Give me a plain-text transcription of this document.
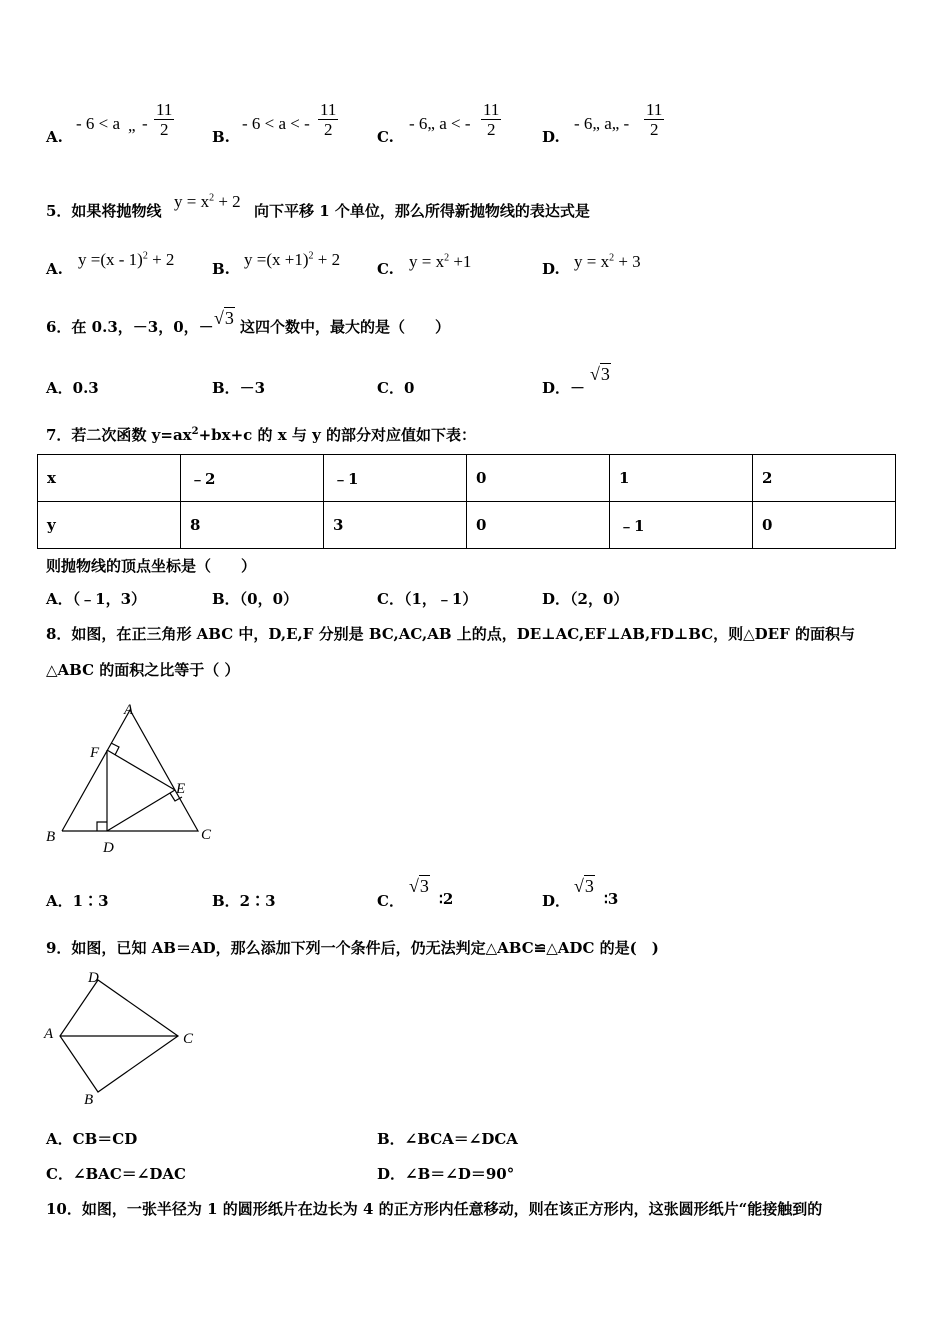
A.
- 6 < a „ - $\frac{11}{2}$	B.
- 6 < a < - $\frac{11}{2}$	C.
- 6„ a < - $\frac{11}{2}$	D.
- 6„ a„ - $\frac{11}{2}$
5．如果将抛物线 $y = x^2 + 2$ 向下平移 1 个单位，那么所得新抛物线的表达式是
A. y =(x - 1)$^2$ + 2	B. $y =(x +1)^2 + 2$ C. $y = x^2 +1$	D. $y = x^2 + 3$
6．在 0.3，－3，0，－ √3 这四个数中，最大的是（　　）
A．0.3	B．－3	C．0	D．－
√3
7．若二次函数 $y=ax^2+bx+c$ 的 x 与 y 的部分对应值如下表：
x	﹣2	﹣1	0	1	2
y	8	3	0	﹣1	0
则抛物线的顶点坐标是（　　）
A．（﹣1，3）	B．（0，0）	C．（1，﹣1）	D．（2，0）
8．如图，在正三角形 ABC 中，D,E,F 分别是 BC,AC,AB 上的点，DE⊥AC,EF⊥AB,FD⊥BC，则△DEF 的面积与
△ABC 的面积之比等于（ ）
A
B	C
D
E
F
A．1∶3	B．2∶3	C．
√3
∶2	D．
√3
∶3
9．如图，已知 AB＝AD，那么添加下列一个条件后，仍无法判定△ABC≌△ADC 的是(　)
D
A	C
B
A．CB＝CD	B．∠BCA＝∠DCA
C．∠BAC＝∠DAC	D．∠B＝∠D＝90°
10．如图，一张半径为 1 的圆形纸片在边长为 4 的正方形内任意移动，则在该正方形内，这张圆形纸片“能接触到的
